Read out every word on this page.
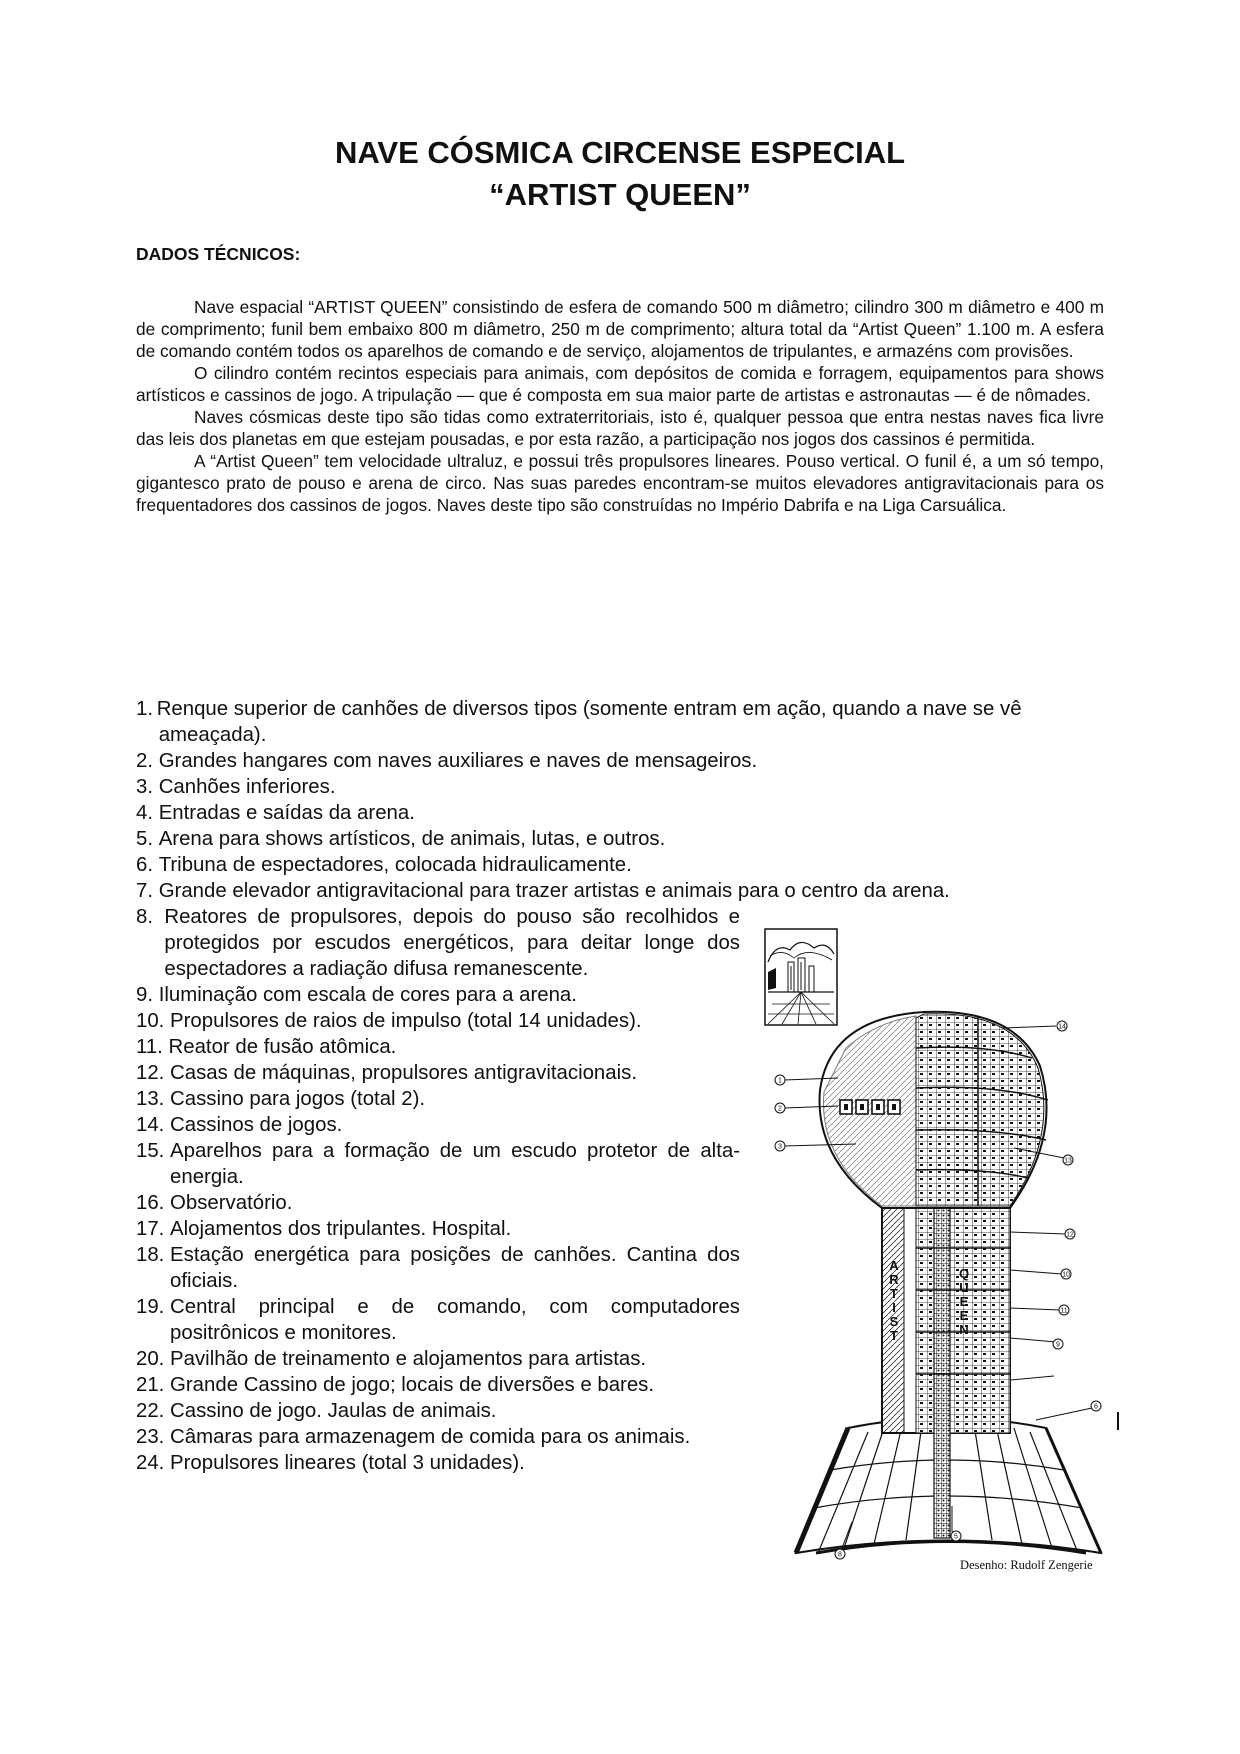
NAVE CÓSMICA CIRCENSE ESPECIAL
“ARTIST QUEEN”
DADOS TÉCNICOS:

Nave espacial “ARTIST QUEEN” consistindo de esfera de comando 500 m diâmetro; cilindro 300 m diâmetro e 400 m de comprimento; funil bem embaixo 800 m diâmetro, 250 m de comprimento; altura total da “Artist Queen” 1.100 m. A esfera de comando contém todos os aparelhos de comando e de serviço, alojamentos de tripulantes, e armazéns com provisões.

O cilindro contém recintos especiais para animais, com depósitos de comida e forragem, equipamentos para shows artísticos e cassinos de jogo. A tripulação — que é composta em sua maior parte de artistas e astronautas — é de nômades.

Naves cósmicas deste tipo são tidas como extraterritoriais, isto é, qualquer pessoa que entra nestas naves fica livre das leis dos planetas em que estejam pousadas, e por esta razão, a participação nos jogos dos cassinos é permitida.

A “Artist Queen” tem velocidade ultraluz, e possui três propulsores lineares. Pouso vertical. O funil é, a um só tempo, gigantesco prato de pouso e arena de circo. Nas suas paredes encontram-se muitos elevadores antigravitacionais para os frequentadores dos cassinos de jogos. Naves deste tipo são construídas no Império Dabrifa e na Liga Carsuálica.

1.
Renque superior de canhões de diversos tipos (somente entram em ação, quando a nave se vê ameaçada).
2.
Grandes hangares com naves auxiliares e naves de mensageiros.
3.
Canhões inferiores.
4.
Entradas e saídas da arena.
5.
Arena para shows artísticos, de animais, lutas, e outros.
6.
Tribuna de espectadores, colocada hidraulicamente.
7.
Grande elevador antigravitacional para trazer artistas e animais para o centro da arena.
8.
Reatores de propulsores, depois do pouso são recolhidos e protegidos por escudos energéticos, para deitar longe dos espectadores a radiação difusa remanescente.
9.
Iluminação com escala de cores para a arena.
10.
Propulsores de raios de impulso (total 14 unidades).
11.
Reator de fusão atômica.
12.
Casas de máquinas, propulsores antigravitacionais.
13.
Cassino para jogos (total 2).
14.
Cassinos de jogos.
15.
Aparelhos para a formação de um escudo protetor de alta-energia.
16.
Observatório.
17.
Alojamentos dos tripulantes. Hospital.
18.
Estação energética para posições de canhões. Cantina dos oficiais.
19.
Central principal e de comando, com computadores positrônicos e monitores.
20.
Pavilhão de treinamento e alojamentos para artistas.
21.
Grande Cassino de jogo; locais de diversões e bares.
22.
Cassino de jogo. Jaulas de animais.
23.
Câmaras para armazenagem de comida para os animais.
24.
Propulsores lineares (total 3 unidades).
A R T I S T
Q U E E N
1
2
3
14
13
12
10
11
9
6
5
8
Desenho: Rudolf Zengerie
